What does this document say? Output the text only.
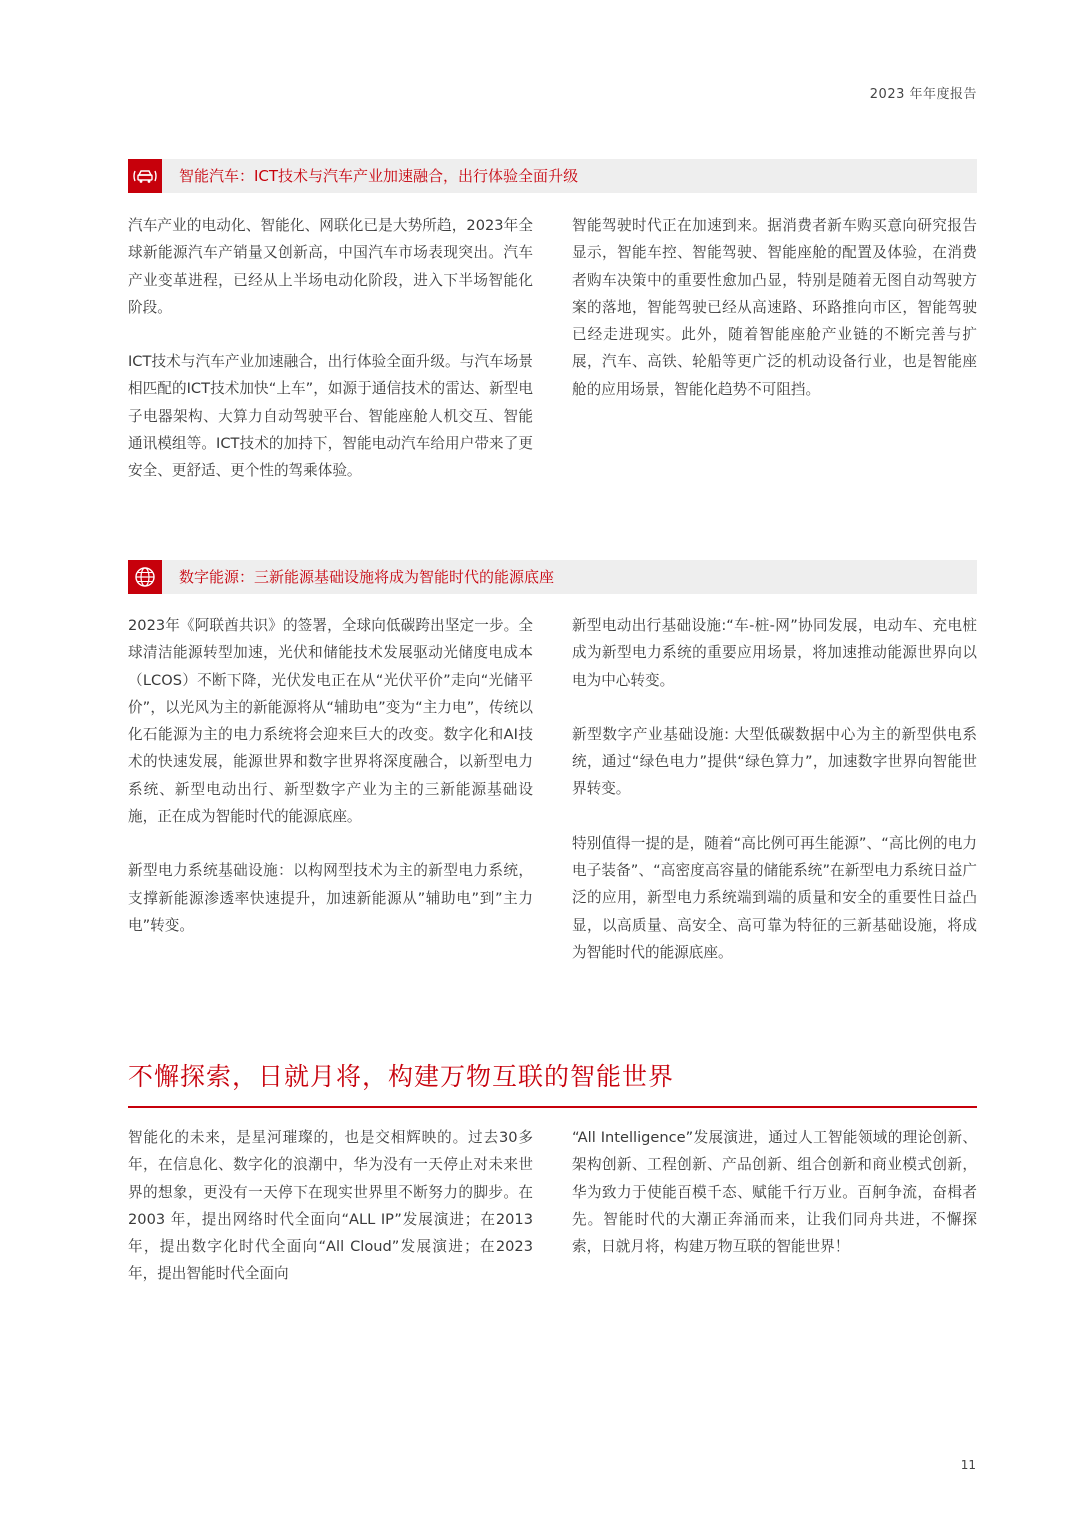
2023 年年度报告
智能汽车：ICT技术与汽车产业加速融合，出行体验全面升级

汽车产业的电动化、智能化、网联化已是大势所趋，2023年全球新能源汽车产销量又创新高，中国汽车市场表现突出。汽车产业变革进程，已经从上半场电动化阶段，进入下半场智能化阶段。

ICT技术与汽车产业加速融合，出行体验全面升级。与汽车场景相匹配的ICT技术加快“上车”，如源于通信技术的雷达、新型电子电器架构、大算力自动驾驶平台、智能座舱人机交互、智能通讯模组等。ICT技术的加持下，智能电动汽车给用户带来了更安全、更舒适、更个性的驾乘体验。

智能驾驶时代正在加速到来。据消费者新车购买意向研究报告显示，智能车控、智能驾驶、智能座舱的配置及体验，在消费者购车决策中的重要性愈加凸显，特别是随着无图自动驾驶方案的落地，智能驾驶已经从高速路、环路推向市区，智能驾驶已经走进现实。此外，随着智能座舱产业链的不断完善与扩展，汽车、高铁、轮船等更广泛的机动设备行业，也是智能座舱的应用场景，智能化趋势不可阻挡。

数字能源：三新能源基础设施将成为智能时代的能源底座

2023年《阿联酋共识》的签署，全球向低碳跨出坚定一步。全球清洁能源转型加速，光伏和储能技术发展驱动光储度电成本（LCOS）不断下降，光伏发电正在从“光伏平价”走向“光储平价”，以光风为主的新能源将从“辅助电”变为“主力电”，传统以化石能源为主的电力系统将会迎来巨大的改变。数字化和AI技术的快速发展，能源世界和数字世界将深度融合，以新型电力系统、新型电动出行、新型数字产业为主的三新能源基础设施，正在成为智能时代的能源底座。

新型电力系统基础设施：以构网型技术为主的新型电力系统，支撑新能源渗透率快速提升，加速新能源从”辅助电”到”主力电”转变。

新型电动出行基础设施:“车-桩-网”协同发展，电动车、充电桩成为新型电力系统的重要应用场景，将加速推动能源世界向以电为中心转变。

新型数字产业基础设施: 大型低碳数据中心为主的新型供电系统，通过“绿色电力”提供“绿色算力”，加速数字世界向智能世界转变。

特别值得一提的是，随着“高比例可再生能源”、“高比例的电力电子装备”、“高密度高容量的储能系统”在新型电力系统日益广泛的应用，新型电力系统端到端的质量和安全的重要性日益凸显，以高质量、高安全、高可靠为特征的三新基础设施，将成为智能时代的能源底座。

不懈探索，日就月将，构建万物互联的智能世界

智能化的未来，是星河璀璨的，也是交相辉映的。过去30多年，在信息化、数字化的浪潮中，华为没有一天停止对未来世界的想象，更没有一天停下在现实世界里不断努力的脚步。在2003 年，提出网络时代全面向“ALL IP”发展演进；在2013年，提出数字化时代全面向“All Cloud”发展演进；在2023年，提出智能时代全面向

“All Intelligence”发展演进，通过人工智能领域的理论创新、架构创新、工程创新、产品创新、组合创新和商业模式创新，华为致力于使能百模千态、赋能千行万业。百舸争流，奋楫者先。智能时代的大潮正奔涌而来，让我们同舟共进，不懈探索，日就月将，构建万物互联的智能世界！

11
